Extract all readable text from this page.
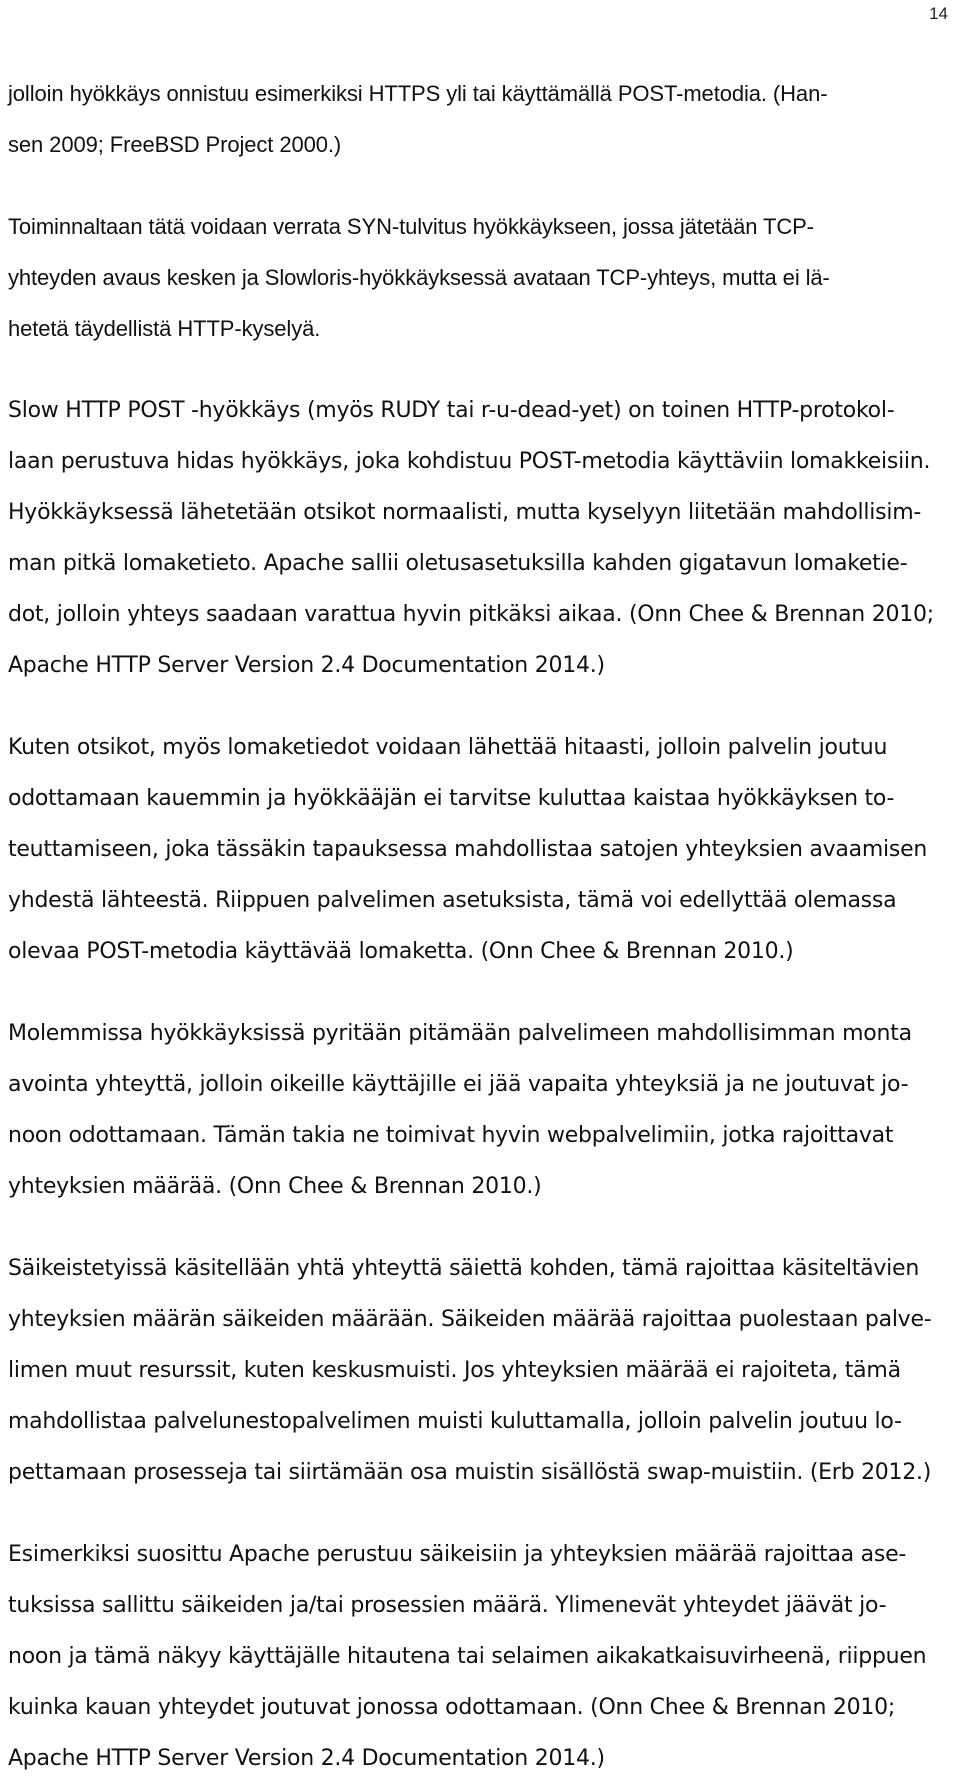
14
jolloin hyökkäys onnistuu esimerkiksi HTTPS yli tai käyttämällä POST-metodia. (Han-
sen 2009; FreeBSD Project 2000.)
Toiminnaltaan tätä voidaan verrata SYN-tulvitus hyökkäykseen, jossa jätetään TCP-
yhteyden avaus kesken ja Slowloris-hyökkäyksessä avataan TCP-yhteys, mutta ei lä-
hetetä täydellistä HTTP-kyselyä.
Slow HTTP POST -hyökkäys (myös RUDY tai r-u-dead-yet) on toinen HTTP-protokol-
laan perustuva hidas hyökkäys, joka kohdistuu POST-metodia käyttäviin lomakkeisiin.
Hyökkäyksessä lähetetään otsikot normaalisti, mutta kyselyyn liitetään mahdollisim-
man pitkä lomaketieto. Apache sallii oletusasetuksilla kahden gigatavun lomaketie-
dot, jolloin yhteys saadaan varattua hyvin pitkäksi aikaa. (Onn Chee & Brennan 2010;
Apache HTTP Server Version 2.4 Documentation 2014.)
Kuten otsikot, myös lomaketiedot voidaan lähettää hitaasti, jolloin palvelin joutuu
odottamaan kauemmin ja hyökkääjän ei tarvitse kuluttaa kaistaa hyökkäyksen to-
teuttamiseen, joka tässäkin tapauksessa mahdollistaa satojen yhteyksien avaamisen
yhdestä lähteestä. Riippuen palvelimen asetuksista, tämä voi edellyttää olemassa
olevaa POST-metodia käyttävää lomaketta. (Onn Chee & Brennan 2010.)
Molemmissa hyökkäyksissä pyritään pitämään palvelimeen mahdollisimman monta
avointa yhteyttä, jolloin oikeille käyttäjille ei jää vapaita yhteyksiä ja ne joutuvat jo-
noon odottamaan. Tämän takia ne toimivat hyvin webpalvelimiin, jotka rajoittavat
yhteyksien määrää. (Onn Chee & Brennan 2010.)
Säikeistetyissä käsitellään yhtä yhteyttä säiettä kohden, tämä rajoittaa käsiteltävien
yhteyksien määrän säikeiden määrään. Säikeiden määrää rajoittaa puolestaan palve-
limen muut resurssit, kuten keskusmuisti. Jos yhteyksien määrää ei rajoiteta, tämä
mahdollistaa palvelunestopalvelimen muisti kuluttamalla, jolloin palvelin joutuu lo-
pettamaan prosesseja tai siirtämään osa muistin sisällöstä swap-muistiin. (Erb 2012.)
Esimerkiksi suosittu Apache perustuu säikeisiin ja yhteyksien määrää rajoittaa ase-
tuksissa sallittu säikeiden ja/tai prosessien määrä. Ylimenevät yhteydet jäävät jo-
noon ja tämä näkyy käyttäjälle hitautena tai selaimen aikakatkaisuvirheenä, riippuen
kuinka kauan yhteydet joutuvat jonossa odottamaan. (Onn Chee & Brennan 2010;
Apache HTTP Server Version 2.4 Documentation 2014.)
